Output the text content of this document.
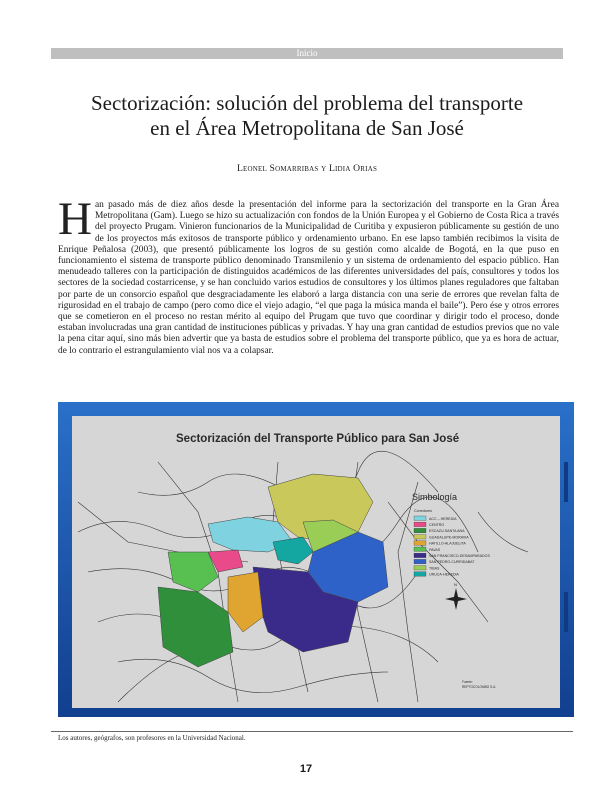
Inicio
Sectorización: solución del problema del transporte
en el Área Metropolitana de San José
Leonel Somarribas y Lidia Orias
H an pasado más de diez años desde la presentación del informe para la sectorización del transporte en la Gran Área Metropolitana (Gam). Luego se hizo su actualización con fondos de la Unión Europea y el Gobierno de Costa Rica a través del proyecto Prugam. Vinieron funcionarios de la Municipalidad de Curitiba y expusieron públicamente su gestión de uno de los proyectos más exitosos de transporte público y ordenamiento urbano. En ese lapso también recibimos la visita de Enrique Peñalosa (2003), que presentó públicamente los logros de su gestión como alcalde de Bogotá, en la que puso en funcionamiento el sistema de transporte público denominado Transmilenio y un sistema de ordenamiento del espacio público. Han menudeado talleres con la participación de distinguidos académicos de las diferentes universidades del país, consultores y todos los sectores de la sociedad costarricense, y se han concluido varios estudios de consultores y los últimos planes reguladores que faltaban por parte de un consorcio español que desgraciadamente les elaboró a larga distancia con una serie de errores que revelan falta de rigurosidad en el trabajo de campo (pero como dice el viejo adagio, “el que paga la música manda el baile”). Pero ése y otros errores que se cometieron en el proceso no restan mérito al equipo del Prugam que tuvo que coordinar y dirigir todo el proceso, donde estaban involucradas una gran cantidad de instituciones públicas y privadas. Y hay una gran cantidad de estudios previos que no vale la pena citar aquí, sino más bien advertir que ya basta de estudios sobre el problema del transporte público, que ya es hora de actuar, de lo contrario el estrangulamiento vial nos va a colapsar.
Sectorización del Transporte Público para San José
Simbología
Corredores
ACC – HEREDIA
CENTRO
ESCAZU-SANTA ANA
GUADALUPE-MORAVIA
HATILLO-ALAJUELITA
PAVAS
SAN FRANCISCO-DESAMPARADOS
SAN PEDRO-CURRIDABAT
TIBAS
URUCA-HEREDIA
N
Fuente:
REPTOCOLOMBO S.A.
Los autores, geógrafos, son profesores en la Universidad Nacional.
17
